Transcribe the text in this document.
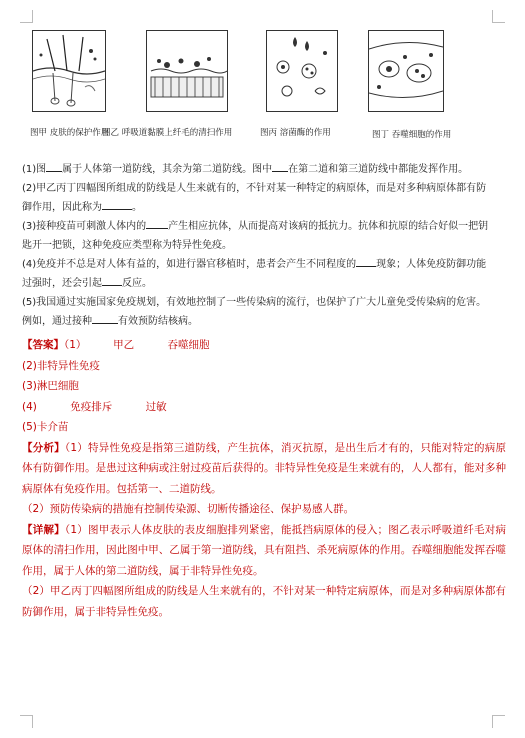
图甲 皮肤的保护作用
图乙 呼吸道黏膜上纤毛的清扫作用	图丙 溶菌酶的作用	图丁 吞噬细胞的作用

(1)图 属于人体第一道防线，其余为第二道防线。图中 在第二道和第三道防线中都能发挥作用。

(2)甲乙丙丁四幅图所组成的防线是人生来就有的，不针对某一种特定的病原体，而是对多种病原体都有防
御作用，因此称为	。

(3)接种疫苗可刺激人体内的 产生相应抗体，从而提高对该病的抵抗力。抗体和抗原的结合好似一把钥
匙开一把锁，这种免疫应类型称为特异性免疫。

(4)免疫并不总是对人体有益的，如进行器官移植时，患者会产生不同程度的 现象；人体免疫防御功能
过强时，还会引起 反应。

(5)我国通过实施国家免疫规划，有效地控制了一些传染病的流行，也保护了广大儿童免受传染病的危害。
例如，通过接种	有效预防结核病。

【答案】（1）        甲乙          吞噬细胞

(2)非特异性免疫

(3)淋巴细胞

(4)          免疫排斥          过敏

(5)卡介苗

【分析】（1）特异性免疫是指第三道防线，产生抗体，消灭抗原，是出生后才有的，只能对特定的病原体有防御作用。是患过这种病或注射过疫苗后获得的。非特异性免疫是生来就有的，人人都有，能对多种病原体有免疫作用。包括第一、二道防线。

（2）预防传染病的措施有控制传染源、切断传播途径、保护易感人群。

【详解】（1）图甲表示人体皮肤的表皮细胞排列紧密，能抵挡病原体的侵入；图乙表示呼吸道纤毛对病原体的清扫作用，因此图中甲、乙属于第一道防线，具有阻挡、杀死病原体的作用。吞噬细胞能发挥吞噬作用，属于人体的第二道防线，属于非特异性免疫。

（2）甲乙丙丁四幅图所组成的防线是人生来就有的，不针对某一种特定病原体，而是对多种病原体都有防御作用，属于非特异性免疫。
